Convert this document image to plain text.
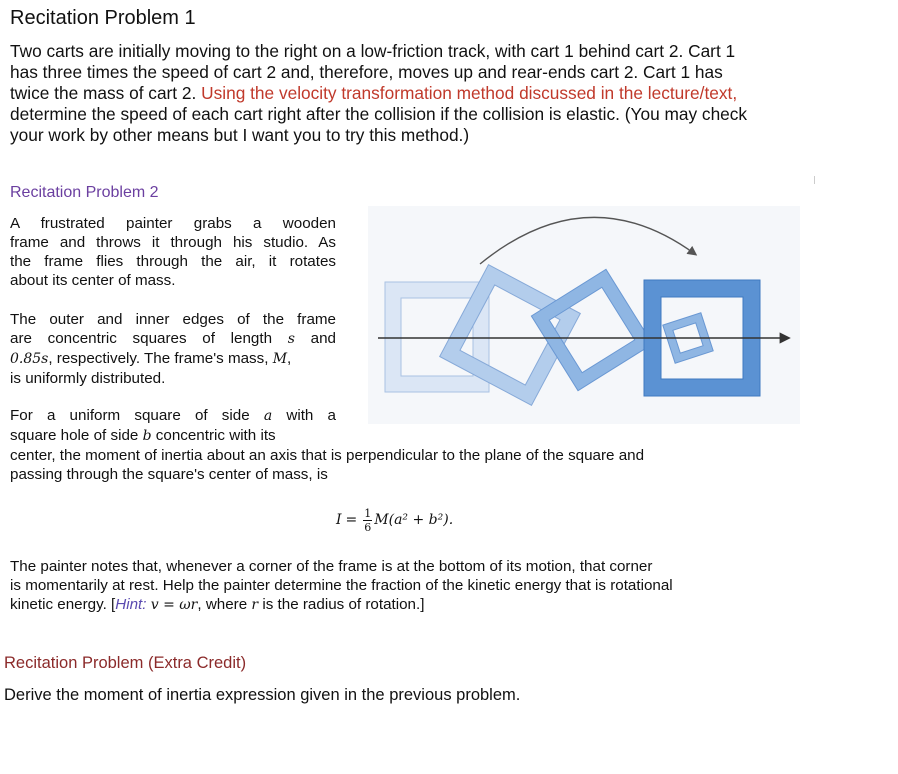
Recitation Problem 1
Two carts are initially moving to the right on a low-friction track, with cart 1 behind cart 2. Cart 1
has three times the speed of cart 2 and, therefore, moves up and rear-ends cart 2. Cart 1 has
twice the mass of cart 2. Using the velocity transformation method discussed in the lecture/text,
determine the speed of each cart right after the collision if the collision is elastic. (You may check
your work by other means but I want you to try this method.)
Recitation Problem 2
A frustrated painter grabs a wooden
frame and throws it through his studio. As
the frame flies through the air, it rotates
about its center of mass.
The outer and inner edges of the frame
are concentric squares of length s and
0.85s, respectively. The frame's mass, M,
is uniformly distributed.
For a uniform square of side a with a
square hole of side b concentric with its
center, the moment of inertia about an axis that is perpendicular to the plane of the square and
passing through the square's center of mass, is
$I = \frac{1}{6} M(a^2 + b^2)$.
The painter notes that, whenever a corner of the frame is at the bottom of its motion, that corner
is momentarily at rest. Help the painter determine the fraction of the kinetic energy that is rotational
kinetic energy. [Hint: v = ωr, where r is the radius of rotation.]
Recitation Problem (Extra Credit)
Derive the moment of inertia expression given in the previous problem.
